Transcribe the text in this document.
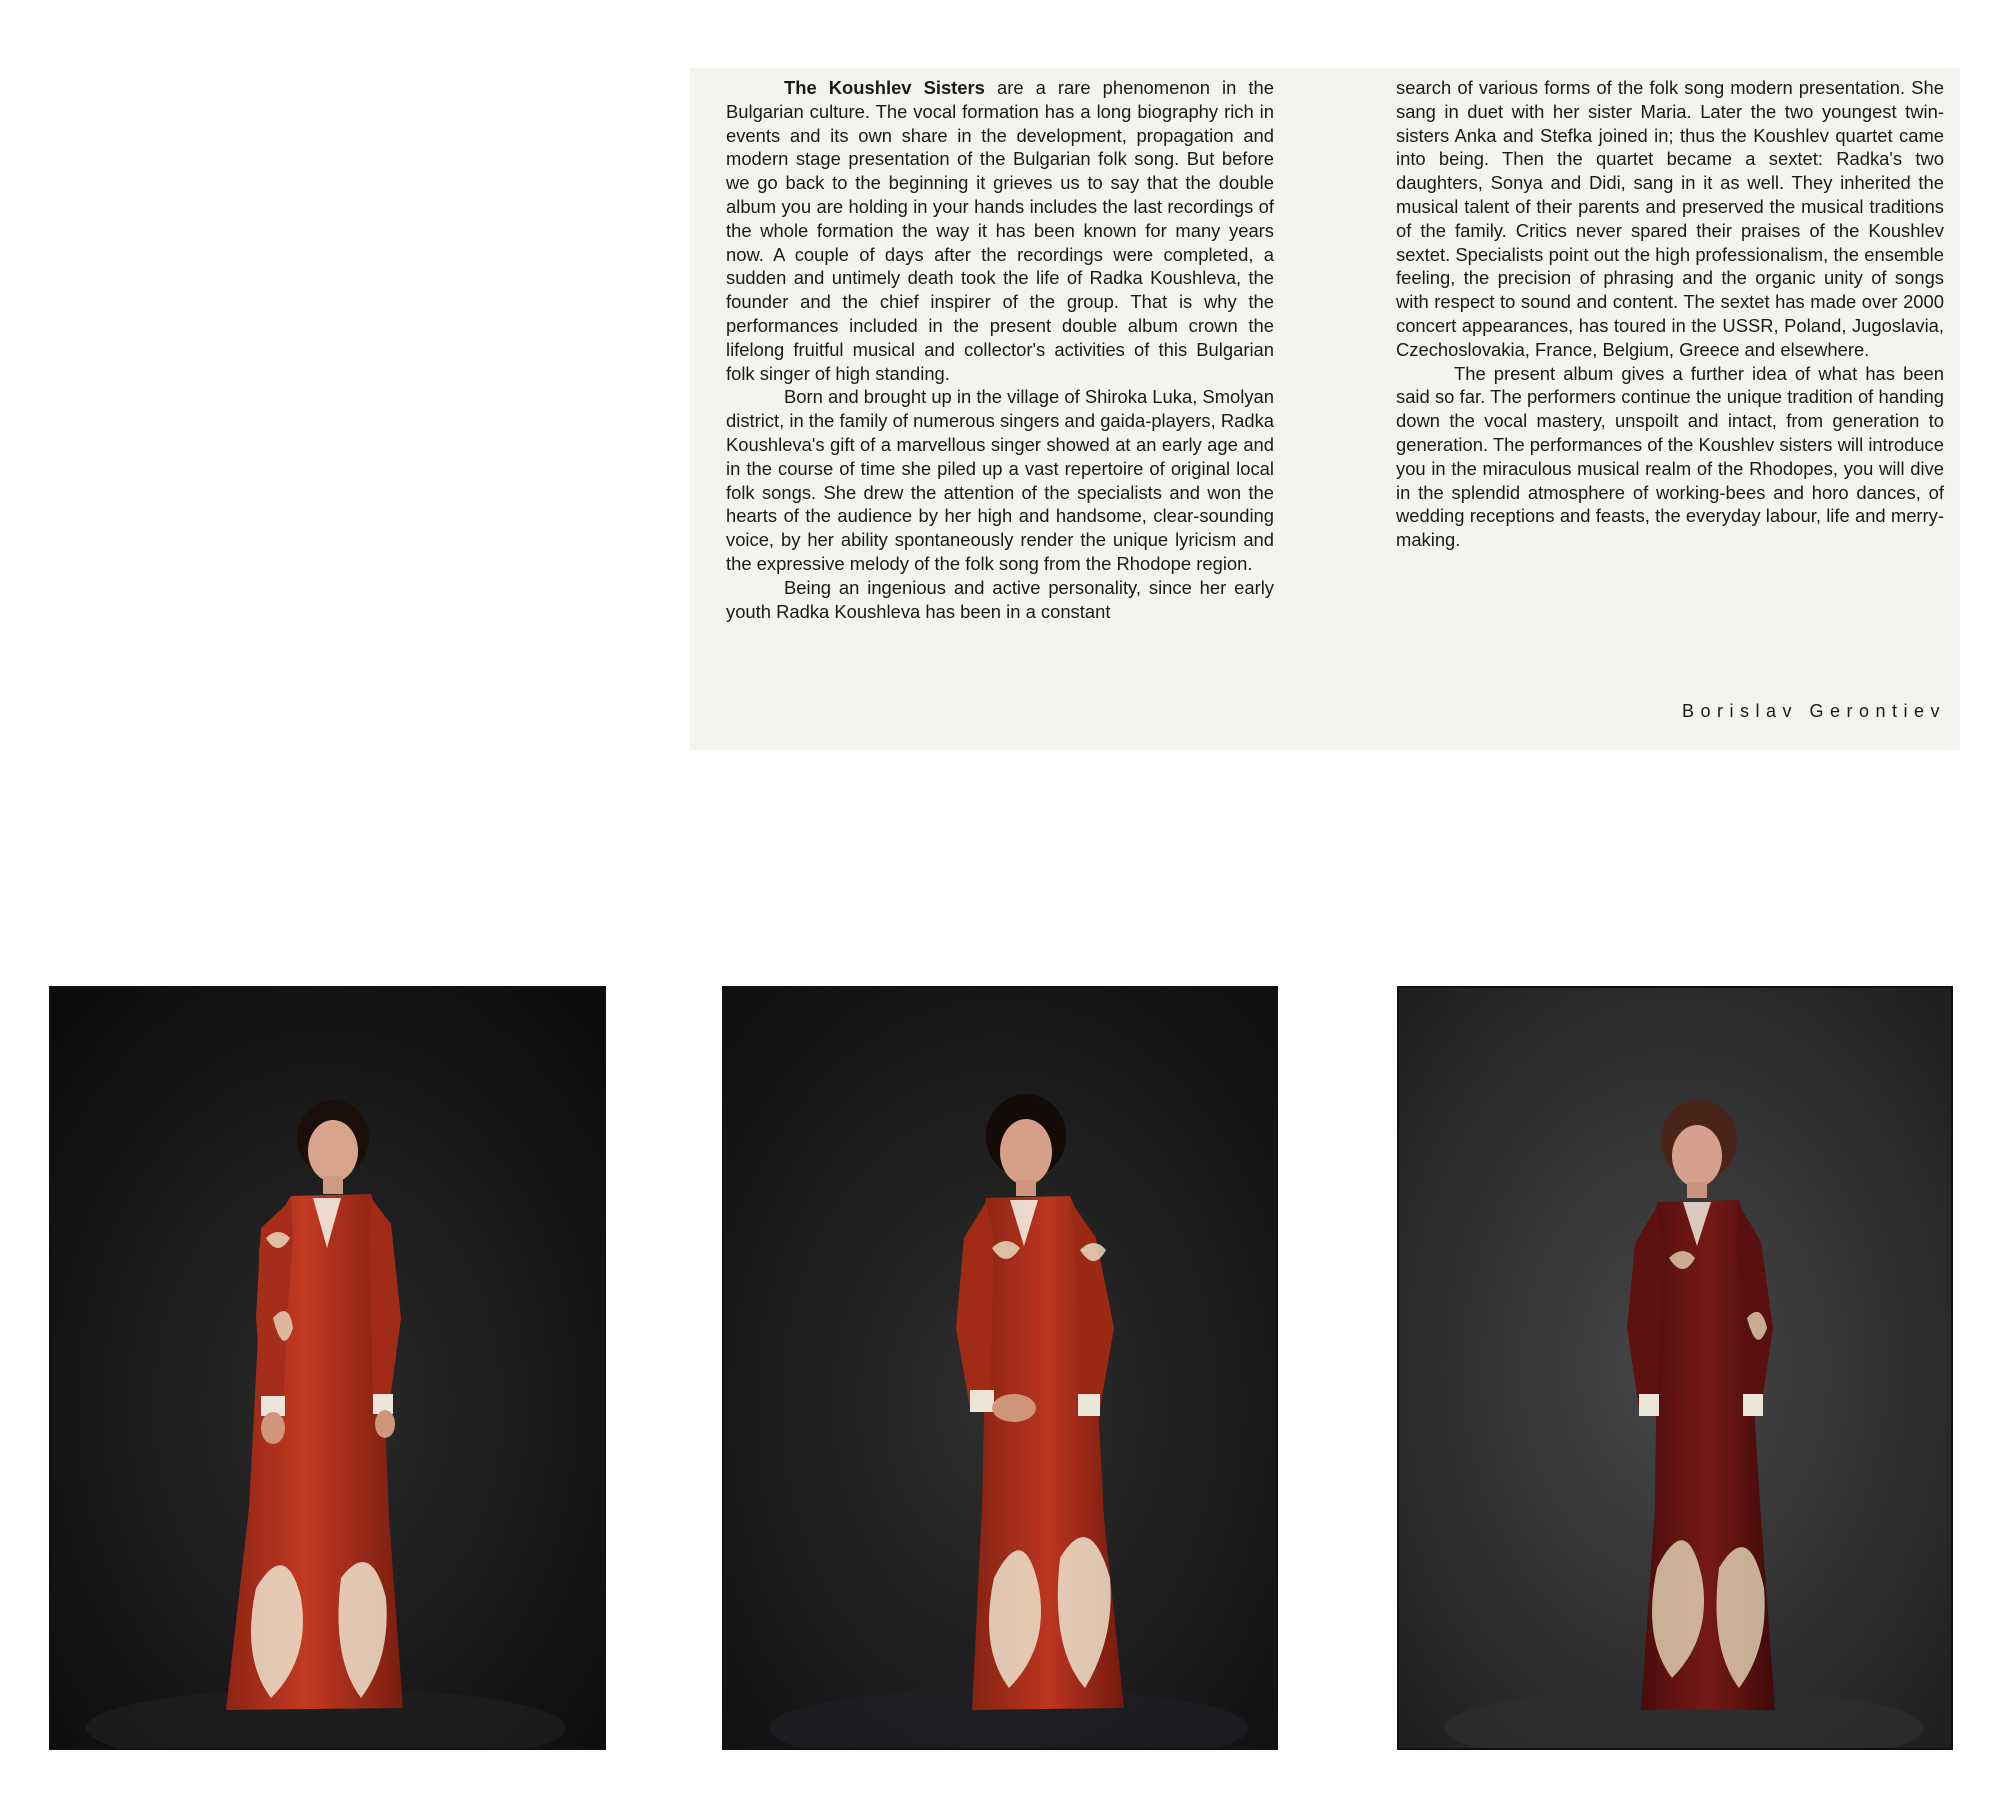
The Koushlev Sisters are a rare phenomenon in the Bulgarian culture. The vocal formation has a long biography rich in events and its own share in the development, propagation and modern stage presentation of the Bulgarian folk song. But before we go back to the beginning it grieves us to say that the double album you are holding in your hands includes the last recordings of the whole formation the way it has been known for many years now. A couple of days after the recordings were completed, a sudden and untimely death took the life of Radka Koushleva, the founder and the chief inspirer of the group. That is why the performances included in the present double album crown the lifelong fruitful musical and collector's activities of this Bulgarian folk singer of high standing.

Born and brought up in the village of Shiroka Luka, Smolyan district, in the family of numerous singers and gaida-players, Radka Koushleva's gift of a marvellous singer showed at an early age and in the course of time she piled up a vast repertoire of original local folk songs. She drew the attention of the specialists and won the hearts of the audience by her high and handsome, clear-sounding voice, by her ability spontaneously render the unique lyricism and the expressive melody of the folk song from the Rhodope region.

Being an ingenious and active personality, since her early youth Radka Koushleva has been in a constant

search of various forms of the folk song modern presentation. She sang in duet with her sister Maria. Later the two youngest twin-sisters Anka and Stefka joined in; thus the Koushlev quartet came into being. Then the quartet became a sextet: Radka's two daughters, Sonya and Didi, sang in it as well. They inherited the musical talent of their parents and preserved the musical traditions of the family. Critics never spared their praises of the Koushlev sextet. Specialists point out the high professionalism, the ensemble feeling, the precision of phrasing and the organic unity of songs with respect to sound and content. The sextet has made over 2000 concert appearances, has toured in the USSR, Poland, Jugoslavia, Czechoslovakia, France, Belgium, Greece and elsewhere.

The present album gives a further idea of what has been said so far. The performers continue the unique tradition of handing down the vocal mastery, unspoilt and intact, from generation to generation. The performances of the Koushlev sisters will introduce you in the miraculous musical realm of the Rhodopes, you will dive in the splendid atmosphere of working-bees and horo dances, of wedding receptions and feasts, the everyday labour, life and merry-making.

Borislav Gerontiev
